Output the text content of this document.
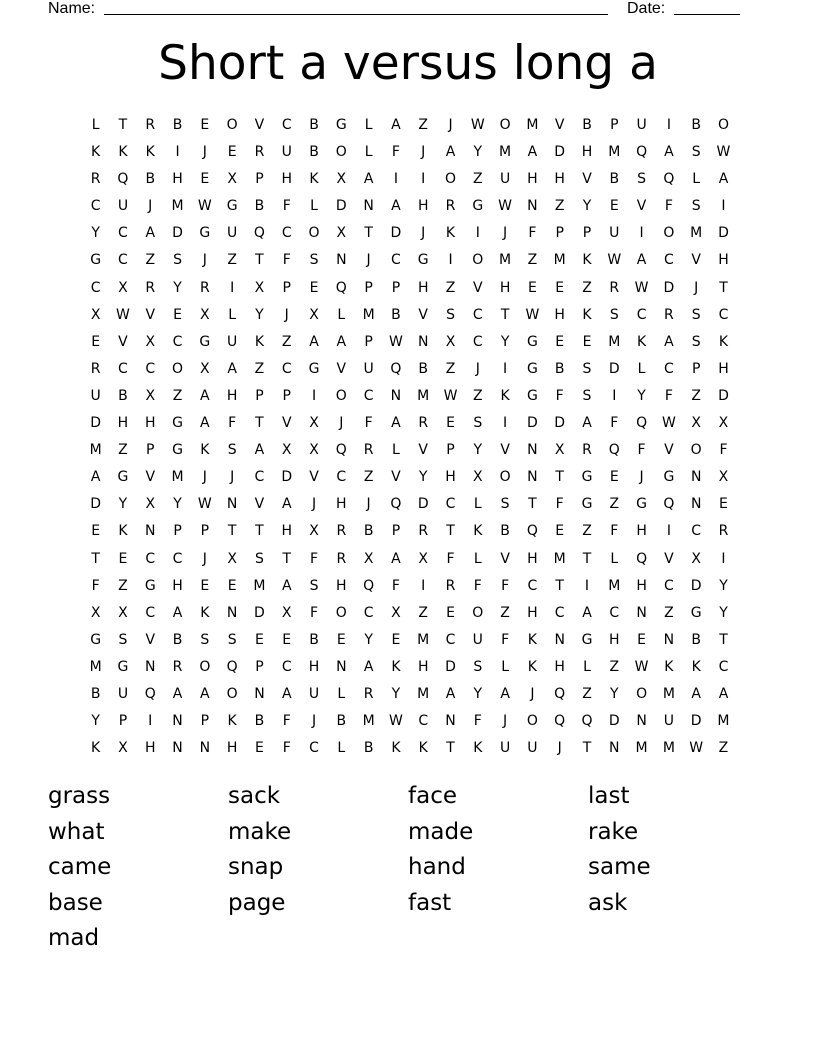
Name:	Date:
Short a versus long a
L	T	R	B	E	O	V	C	B	G	L	A	Z	J	W	O	M	V	B	P	U	I	B	O
K	K	K	I	J	E	R	U	B	O	L	F	J	A	Y	M	A	D	H	M	Q	A	S	W
R	Q	B	H	E	X	P	H	K	X	A	I	I	O	Z	U	H	H	V	B	S	Q	L	A
C	U	J	M	W	G	B	F	L	D	N	A	H	R	G	W	N	Z	Y	E	V	F	S	I
Y	C	A	D	G	U	Q	C	O	X	T	D	J	K	I	J	F	P	P	U	I	O	M	D
G	C	Z	S	J	Z	T	F	S	N	J	C	G	I	O	M	Z	M	K	W	A	C	V	H
C	X	R	Y	R	I	X	P	E	Q	P	P	H	Z	V	H	E	E	Z	R	W	D	J	T
X	W	V	E	X	L	Y	J	X	L	M	B	V	S	C	T	W	H	K	S	C	R	S	C
E	V	X	C	G	U	K	Z	A	A	P	W	N	X	C	Y	G	E	E	M	K	A	S	K
R	C	C	O	X	A	Z	C	G	V	U	Q	B	Z	J	I	G	B	S	D	L	C	P	H
U	B	X	Z	A	H	P	P	I	O	C	N	M	W	Z	K	G	F	S	I	Y	F	Z	D
D	H	H	G	A	F	T	V	X	J	F	A	R	E	S	I	D	D	A	F	Q	W	X	X
M	Z	P	G	K	S	A	X	X	Q	R	L	V	P	Y	V	N	X	R	Q	F	V	O	F
A	G	V	M	J	J	C	D	V	C	Z	V	Y	H	X	O	N	T	G	E	J	G	N	X
D	Y	X	Y	W	N	V	A	J	H	J	Q	D	C	L	S	T	F	G	Z	G	Q	N	E
E	K	N	P	P	T	T	H	X	R	B	P	R	T	K	B	Q	E	Z	F	H	I	C	R
T	E	C	C	J	X	S	T	F	R	X	A	X	F	L	V	H	M	T	L	Q	V	X	I
F	Z	G	H	E	E	M	A	S	H	Q	F	I	R	F	F	C	T	I	M	H	C	D	Y
X	X	C	A	K	N	D	X	F	O	C	X	Z	E	O	Z	H	C	A	C	N	Z	G	Y
G	S	V	B	S	S	E	E	B	E	Y	E	M	C	U	F	K	N	G	H	E	N	B	T
M	G	N	R	O	Q	P	C	H	N	A	K	H	D	S	L	K	H	L	Z	W	K	K	C
B	U	Q	A	A	O	N	A	U	L	R	Y	M	A	Y	A	J	Q	Z	Y	O	M	A	A
Y	P	I	N	P	K	B	F	J	B	M	W	C	N	F	J	O	Q	Q	D	N	U	D	M
K	X	H	N	N	H	E	F	C	L	B	K	K	T	K	U	U	J	T	N	M	M	W	Z
grass	sack	face	last
what	make	made	rake
came	snap	hand	same
base	page	fast	ask
mad
